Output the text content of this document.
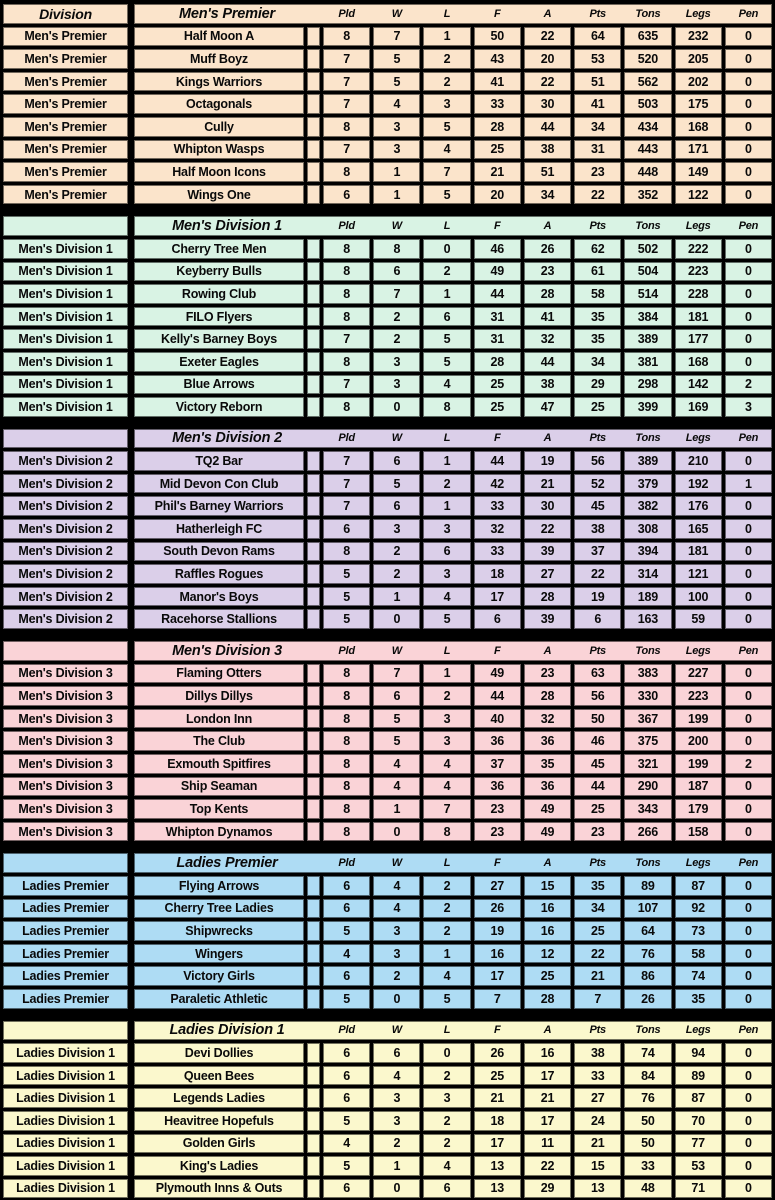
Division	Men's Premier	Pld	W	L	F	A	Pts	Tons	Legs	Pen
Men's Premier	Half Moon A	8	7	1	50	22	64	635	232	0
Men's Premier	Muff Boyz	7	5	2	43	20	53	520	205	0
Men's Premier	Kings Warriors	7	5	2	41	22	51	562	202	0
Men's Premier	Octagonals	7	4	3	33	30	41	503	175	0
Men's Premier	Cully	8	3	5	28	44	34	434	168	0
Men's Premier	Whipton Wasps	7	3	4	25	38	31	443	171	0
Men's Premier	Half Moon Icons	8	1	7	21	51	23	448	149	0
Men's Premier	Wings One	6	1	5	20	34	22	352	122	0
Men's Division 1	Pld	W	L	F	A	Pts	Tons	Legs	Pen
Men's Division 1	Cherry Tree Men	8	8	0	46	26	62	502	222	0
Men's Division 1	Keyberry Bulls	8	6	2	49	23	61	504	223	0
Men's Division 1	Rowing Club	8	7	1	44	28	58	514	228	0
Men's Division 1	FILO Flyers	8	2	6	31	41	35	384	181	0
Men's Division 1	Kelly's Barney Boys	7	2	5	31	32	35	389	177	0
Men's Division 1	Exeter Eagles	8	3	5	28	44	34	381	168	0
Men's Division 1	Blue Arrows	7	3	4	25	38	29	298	142	2
Men's Division 1	Victory Reborn	8	0	8	25	47	25	399	169	3
Men's Division 2	Pld	W	L	F	A	Pts	Tons	Legs	Pen
Men's Division 2	TQ2 Bar	7	6	1	44	19	56	389	210	0
Men's Division 2	Mid Devon Con Club	7	5	2	42	21	52	379	192	1
Men's Division 2	Phil's Barney Warriors	7	6	1	33	30	45	382	176	0
Men's Division 2	Hatherleigh FC	6	3	3	32	22	38	308	165	0
Men's Division 2	South Devon Rams	8	2	6	33	39	37	394	181	0
Men's Division 2	Raffles Rogues	5	2	3	18	27	22	314	121	0
Men's Division 2	Manor's Boys	5	1	4	17	28	19	189	100	0
Men's Division 2	Racehorse Stallions	5	0	5	6	39	6	163	59	0
Men's Division 3	Pld	W	L	F	A	Pts	Tons	Legs	Pen
Men's Division 3	Flaming Otters	8	7	1	49	23	63	383	227	0
Men's Division 3	Dillys Dillys	8	6	2	44	28	56	330	223	0
Men's Division 3	London Inn	8	5	3	40	32	50	367	199	0
Men's Division 3	The Club	8	5	3	36	36	46	375	200	0
Men's Division 3	Exmouth Spitfires	8	4	4	37	35	45	321	199	2
Men's Division 3	Ship Seaman	8	4	4	36	36	44	290	187	0
Men's Division 3	Top Kents	8	1	7	23	49	25	343	179	0
Men's Division 3	Whipton Dynamos	8	0	8	23	49	23	266	158	0
Ladies Premier	Pld	W	L	F	A	Pts	Tons	Legs	Pen
Ladies Premier	Flying Arrows	6	4	2	27	15	35	89	87	0
Ladies Premier	Cherry Tree Ladies	6	4	2	26	16	34	107	92	0
Ladies Premier	Shipwrecks	5	3	2	19	16	25	64	73	0
Ladies Premier	Wingers	4	3	1	16	12	22	76	58	0
Ladies Premier	Victory Girls	6	2	4	17	25	21	86	74	0
Ladies Premier	Paraletic Athletic	5	0	5	7	28	7	26	35	0
Ladies Division 1	Pld	W	L	F	A	Pts	Tons	Legs	Pen
Ladies Division 1	Devi Dollies	6	6	0	26	16	38	74	94	0
Ladies Division 1	Queen Bees	6	4	2	25	17	33	84	89	0
Ladies Division 1	Legends Ladies	6	3	3	21	21	27	76	87	0
Ladies Division 1	Heavitree Hopefuls	5	3	2	18	17	24	50	70	0
Ladies Division 1	Golden Girls	4	2	2	17	11	21	50	77	0
Ladies Division 1	King's Ladies	5	1	4	13	22	15	33	53	0
Ladies Division 1	Plymouth Inns & Outs	6	0	6	13	29	13	48	71	0
